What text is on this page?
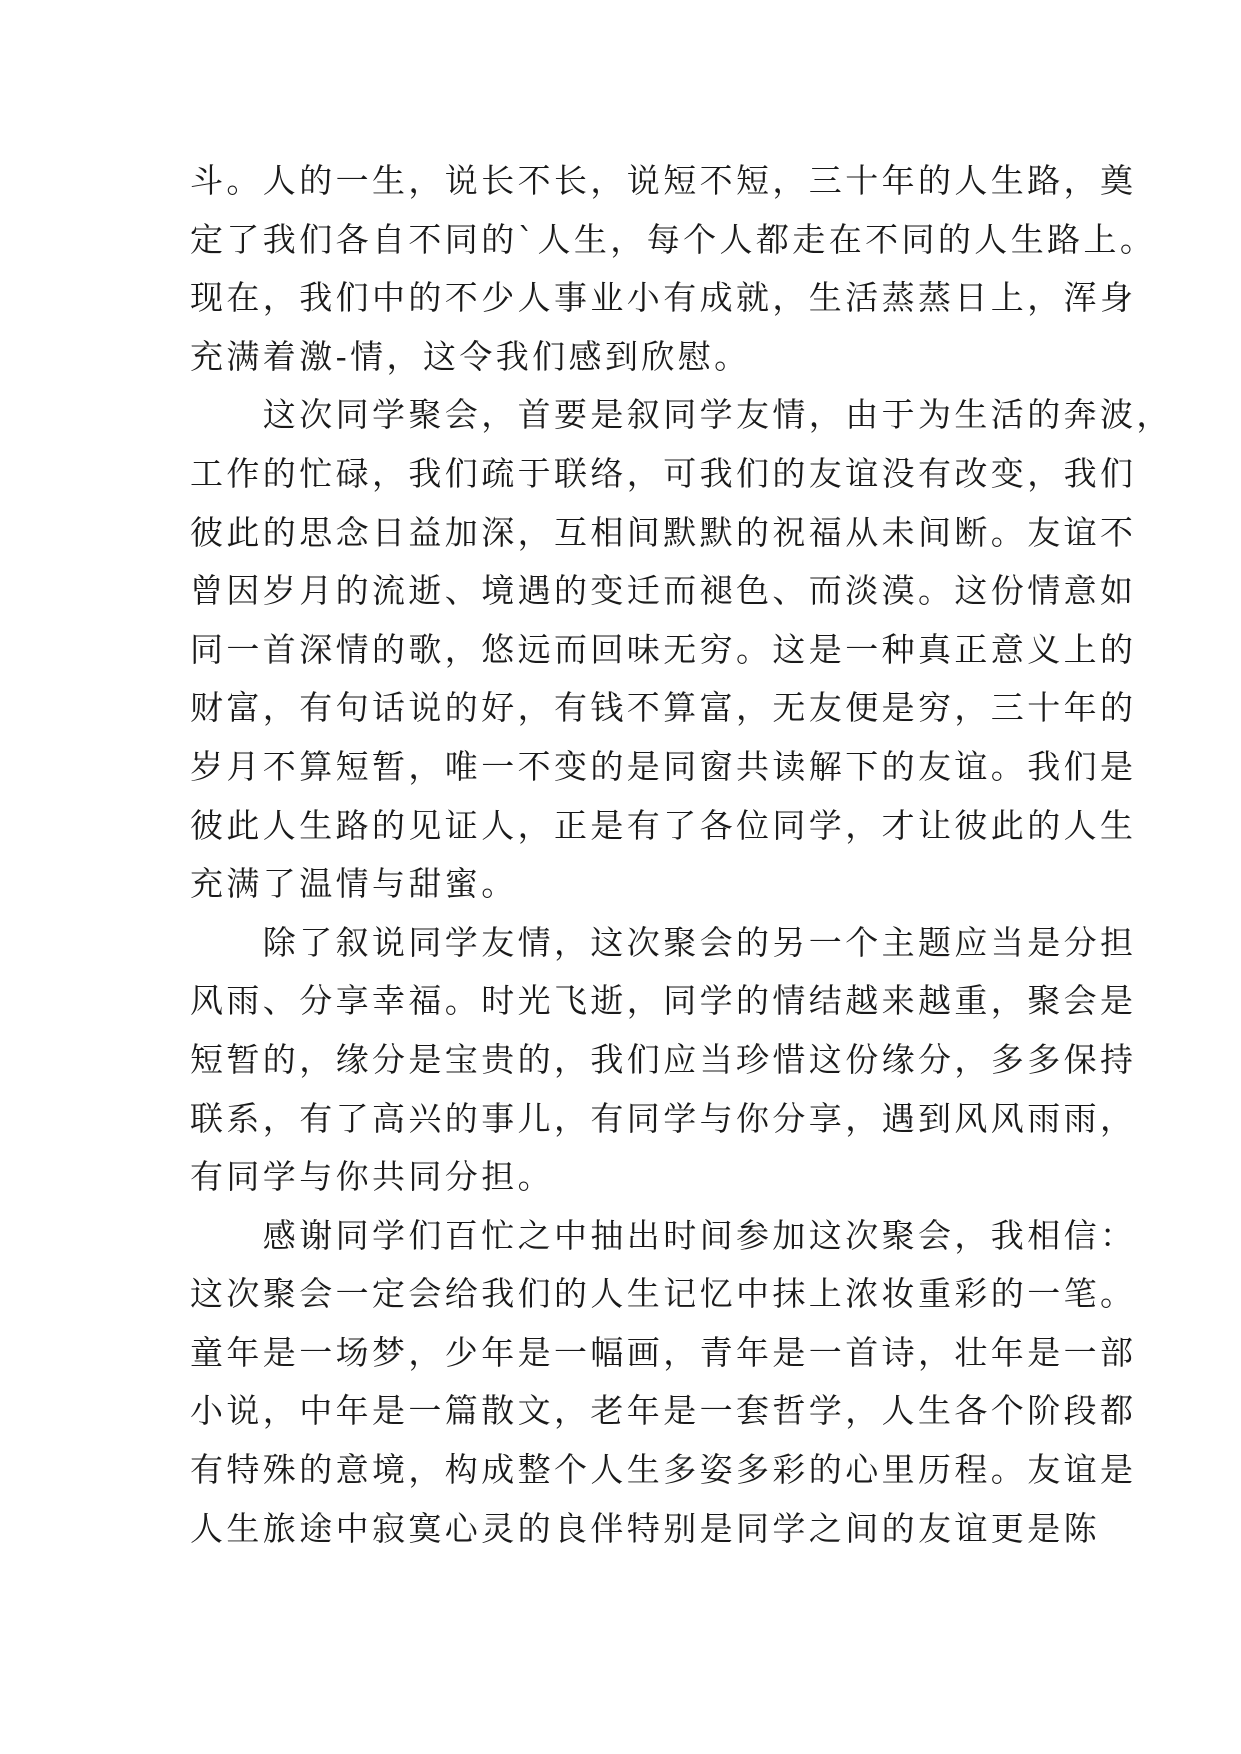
斗。人的一生，说长不长，说短不短，三十年的人生路，奠
定了我们各自不同的`人生，每个人都走在不同的人生路上。
现在，我们中的不少人事业小有成就，生活蒸蒸日上，浑身
充满着激-情，这令我们感到欣慰。
　　这次同学聚会，首要是叙同学友情，由于为生活的奔波，
工作的忙碌，我们疏于联络，可我们的友谊没有改变，我们
彼此的思念日益加深，互相间默默的祝福从未间断。友谊不
曾因岁月的流逝、境遇的变迁而褪色、而淡漠。这份情意如
同一首深情的歌，悠远而回味无穷。这是一种真正意义上的
财富，有句话说的好，有钱不算富，无友便是穷，三十年的
岁月不算短暂，唯一不变的是同窗共读解下的友谊。我们是
彼此人生路的见证人，正是有了各位同学，才让彼此的人生
充满了温情与甜蜜。
　　除了叙说同学友情，这次聚会的另一个主题应当是分担
风雨、分享幸福。时光飞逝，同学的情结越来越重，聚会是
短暂的，缘分是宝贵的，我们应当珍惜这份缘分，多多保持
联系，有了高兴的事儿，有同学与你分享，遇到风风雨雨，
有同学与你共同分担。
　　感谢同学们百忙之中抽出时间参加这次聚会，我相信：
这次聚会一定会给我们的人生记忆中抹上浓妆重彩的一笔。
童年是一场梦，少年是一幅画，青年是一首诗，壮年是一部
小说，中年是一篇散文，老年是一套哲学，人生各个阶段都
有特殊的意境，构成整个人生多姿多彩的心里历程。友谊是
人生旅途中寂寞心灵的良伴特别是同学之间的友谊更是陈
